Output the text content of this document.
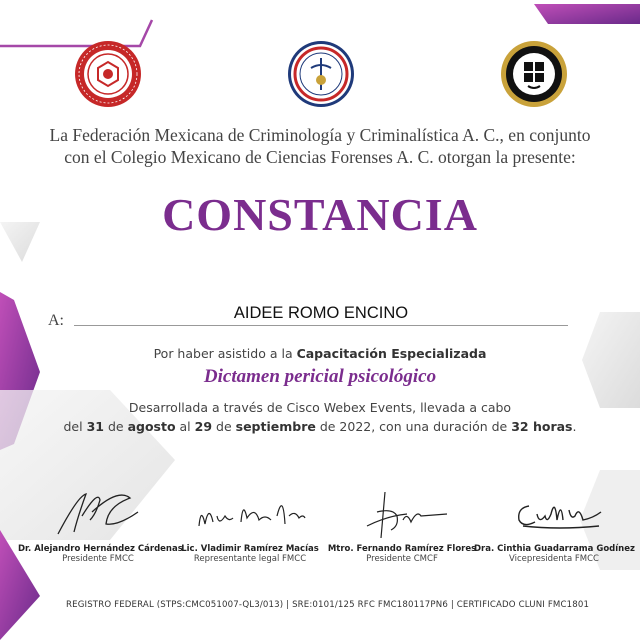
La Federación Mexicana de Criminología y Criminalística A. C., en conjunto
con el Colegio Mexicano de Ciencias Forenses A. C. otorgan la presente:
CONSTANCIA
A:	AIDEE ROMO ENCINO
Por haber asistido a la Capacitación Especializada
Dictamen pericial psicológico
Desarrollada a través de Cisco Webex Events, llevada a cabo
del 31 de agosto al 29 de septiembre de 2022, con una duración de 32 horas.
Dr. Alejandro Hernández Cárdenas
Presidente FMCC
Lic. Vladimir Ramírez Macías
Representante legal FMCC
Mtro. Fernando Ramírez Flores
Presidente CMCF
Dra. Cinthia Guadarrama Godínez
Vicepresidenta FMCC
REGISTRO FEDERAL (STPS:CMC051007-QL3/013) | SRE:0101/125 RFC FMC180117PN6 | CERTIFICADO CLUNI FMC1801
